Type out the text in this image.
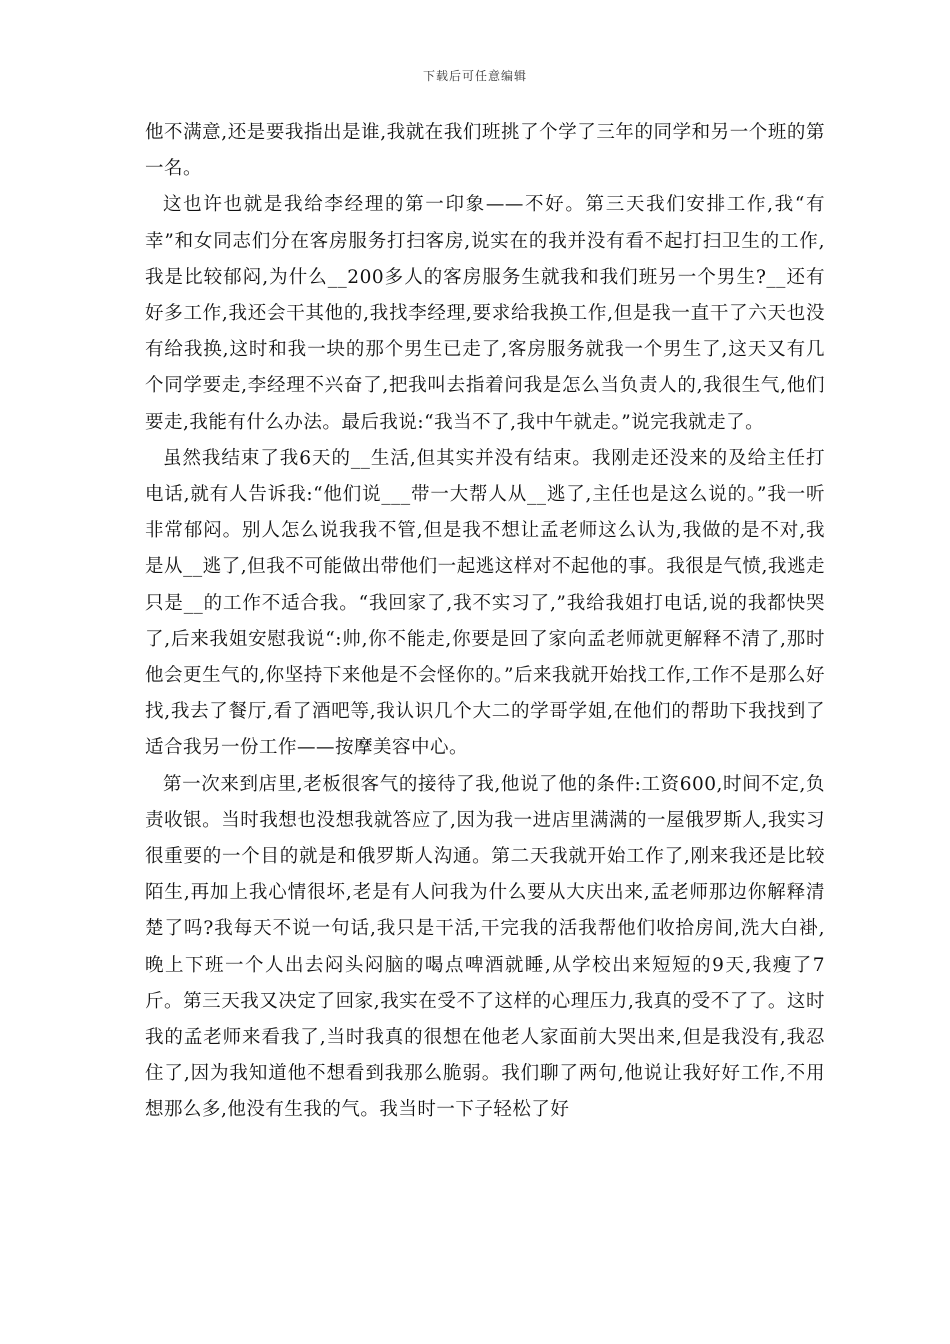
下载后可任意编辑

他不满意,还是要我指出是谁,我就在我们班挑了个学了三年的同学和另一个班的第一名。

这也许也就是我给李经理的第一印象——不好。第三天我们安排工作,我“有幸”和女同志们分在客房服务打扫客房,说实在的我并没有看不起打扫卫生的工作,我是比较郁闷,为什么__200多人的客房服务生就我和我们班另一个男生?__还有好多工作,我还会干其他的,我找李经理,要求给我换工作,但是我一直干了六天也没有给我换,这时和我一块的那个男生已走了,客房服务就我一个男生了,这天又有几个同学要走,李经理不兴奋了,把我叫去指着问我是怎么当负责人的,我很生气,他们要走,我能有什么办法。最后我说:“我当不了,我中午就走。”说完我就走了。

虽然我结束了我6天的__生活,但其实并没有结束。我刚走还没来的及给主任打电话,就有人告诉我:“他们说___带一大帮人从__逃了,主任也是这么说的。”我一听非常郁闷。别人怎么说我我不管,但是我不想让孟老师这么认为,我做的是不对,我是从__逃了,但我不可能做出带他们一起逃这样对不起他的事。我很是气愤,我逃走只是__的工作不适合我。“我回家了,我不实习了,”我给我姐打电话,说的我都快哭了,后来我姐安慰我说“:帅,你不能走,你要是回了家向孟老师就更解释不清了,那时他会更生气的,你坚持下来他是不会怪你的。”后来我就开始找工作,工作不是那么好找,我去了餐厅,看了酒吧等,我认识几个大二的学哥学姐,在他们的帮助下我找到了适合我另一份工作——按摩美容中心。

第一次来到店里,老板很客气的接待了我,他说了他的条件:工资600,时间不定,负责收银。当时我想也没想我就答应了,因为我一进店里满满的一屋俄罗斯人,我实习很重要的一个目的就是和俄罗斯人沟通。第二天我就开始工作了,刚来我还是比较陌生,再加上我心情很坏,老是有人问我为什么要从大庆出来,孟老师那边你解释清楚了吗?我每天不说一句话,我只是干活,干完我的活我帮他们收拾房间,洗大白褂,晚上下班一个人出去闷头闷脑的喝点啤酒就睡,从学校出来短短的9天,我瘦了7斤。第三天我又决定了回家,我实在受不了这样的心理压力,我真的受不了了。这时我的孟老师来看我了,当时我真的很想在他老人家面前大哭出来,但是我没有,我忍住了,因为我知道他不想看到我那么脆弱。我们聊了两句,他说让我好好工作,不用想那么多,他没有生我的气。我当时一下子轻松了好
